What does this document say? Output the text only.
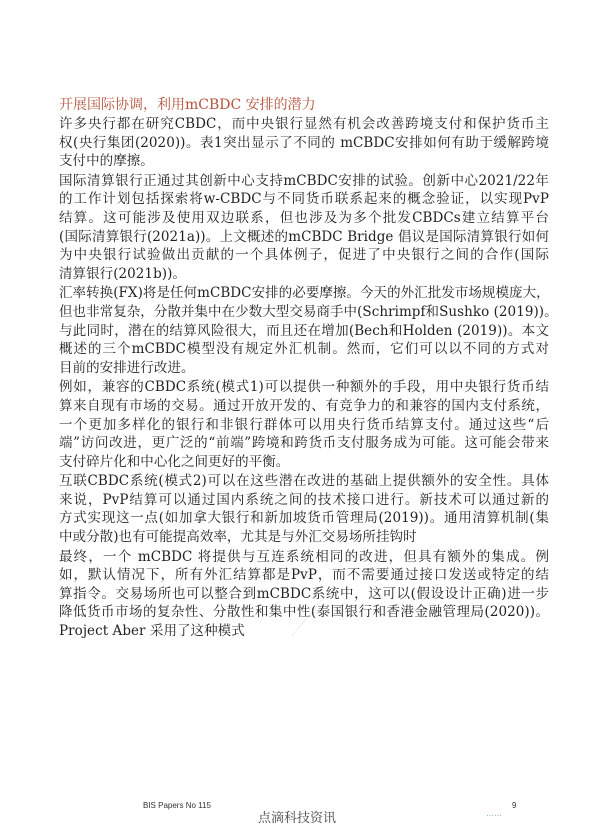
开展国际协调，利用mCBDC 安排的潜力
许多央行都在研究CBDC，而中央银行显然有机会改善跨境支付和保护货币主
权(央行集团(2020))。表1突出显示了不同的 mCBDC安排如何有助于缓解跨境
支付中的摩擦。
国际清算银行正通过其创新中心支持mCBDC安排的试验。创新中心2021/22年
的工作计划包括探索将w-CBDC与不同货币联系起来的概念验证，以实现PvP
结算。这可能涉及使用双边联系，但也涉及为多个批发CBDCs建立结算平台
(国际清算银行(2021a))。上文概述的mCBDC Bridge 倡议是国际清算银行如何
为中央银行试验做出贡献的一个具体例子，促进了中央银行之间的合作(国际
清算银行(2021b))。
汇率转换(FX)将是任何mCBDC安排的必要摩擦。今天的外汇批发市场规模庞大，
但也非常复杂，分散并集中在少数大型交易商手中(Schrimpf和Sushko (2019))。
与此同时，潜在的结算风险很大，而且还在增加(Bech和Holden (2019))。本文
概述的三个mCBDC模型没有规定外汇机制。然而，它们可以以不同的方式对
目前的安排进行改进。
例如，兼容的CBDC系统(模式1)可以提供一种额外的手段，用中央银行货币结
算来自现有市场的交易。通过开放开发的、有竞争力的和兼容的国内支付系统，
一个更加多样化的银行和非银行群体可以用央行货币结算支付。通过这些“后
端”访问改进，更广泛的“前端”跨境和跨货币支付服务成为可能。这可能会带来
支付碎片化和中心化之间更好的平衡。
互联CBDC系统(模式2)可以在这些潜在改进的基础上提供额外的安全性。具体
来说，PvP结算可以通过国内系统之间的技术接口进行。新技术可以通过新的
方式实现这一点(如加拿大银行和新加坡货币管理局(2019))。通用清算机制(集
中或分散)也有可能提高效率，尤其是与外汇交易场所挂钩时
最终，一个 mCBDC 将提供与互连系统相同的改进，但具有额外的集成。例
如，默认情况下，所有外汇结算都是PvP，而不需要通过接口发送或特定的结
算指令。交易场所也可以整合到mCBDC系统中，这可以(假设设计正确)进一步
降低货币市场的复杂性、分散性和集中性(泰国银行和香港金融管理局(2020))。
Project Aber 采用了这种模式
BIS Papers No 115	9
点滴科技资讯	……
